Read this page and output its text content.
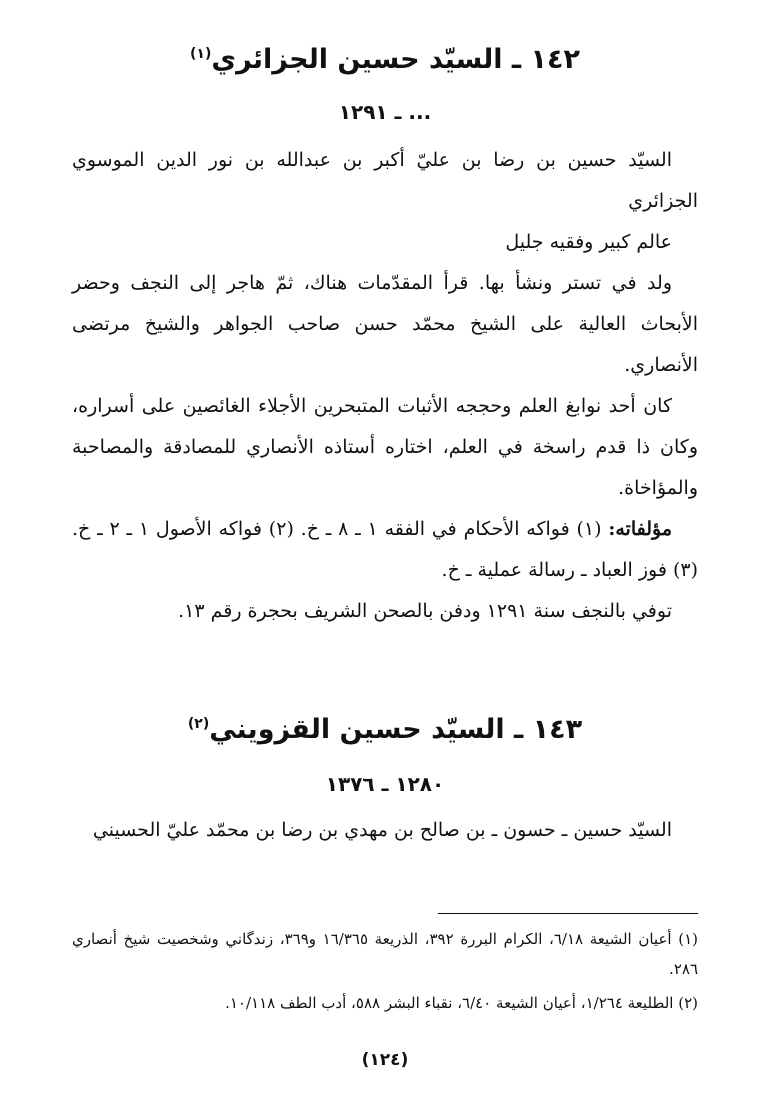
١٤٢ ـ السيّد حسين الجزائري$^{(١)}$

... ـ ١٢٩١

السيّد حسين بن رضا بن عليّ أكبر بن عبدالله بن نور الدين الموسوي الجزائري

عالم كبير وفقيه جليل

ولد في تستر ونشأ بها. قرأ المقدّمات هناك، ثمّ هاجر إلى النجف وحضر الأبحاث العالية على الشيخ محمّد حسن صاحب الجواهر والشيخ مرتضى الأنصاري.

كان أحد نوابغ العلم وحججه الأثبات المتبحرين الأجلاء الغائصين على أسراره، وكان ذا قدم راسخة في العلم، اختاره أستاذه الأنصاري للمصادقة والمصاحبة والمؤاخاة.

مؤلفاته: (١) فواكه الأحكام في الفقه ١ ـ ٨ ـ خ. (٢) فواكه الأصول ١ ـ ٢ ـ خ. (٣) فوز العباد ـ رسالة عملية ـ خ.

توفي بالنجف سنة ١٢٩١ ودفن بالصحن الشريف بحجرة رقم ١٣.

١٤٣ ـ السيّد حسين القزويني$^{(٢)}$

١٢٨٠ ـ ١٣٧٦

السيّد حسين ـ حسون ـ بن صالح بن مهدي بن رضا بن محمّد عليّ الحسيني

(١) أعيان الشيعة ٦/١٨، الكرام البررة ٣٩٢، الذريعة ١٦/٣٦٥ و٣٦٩، زندگاني وشخصيت شيخ أنصاري ٢٨٦.

(٢) الطليعة ١/٢٦٤، أعيان الشيعة ٦/٤٠، نقباء البشر ٥٨٨، أدب الطف ١٠/١١٨.

(١٢٤)
